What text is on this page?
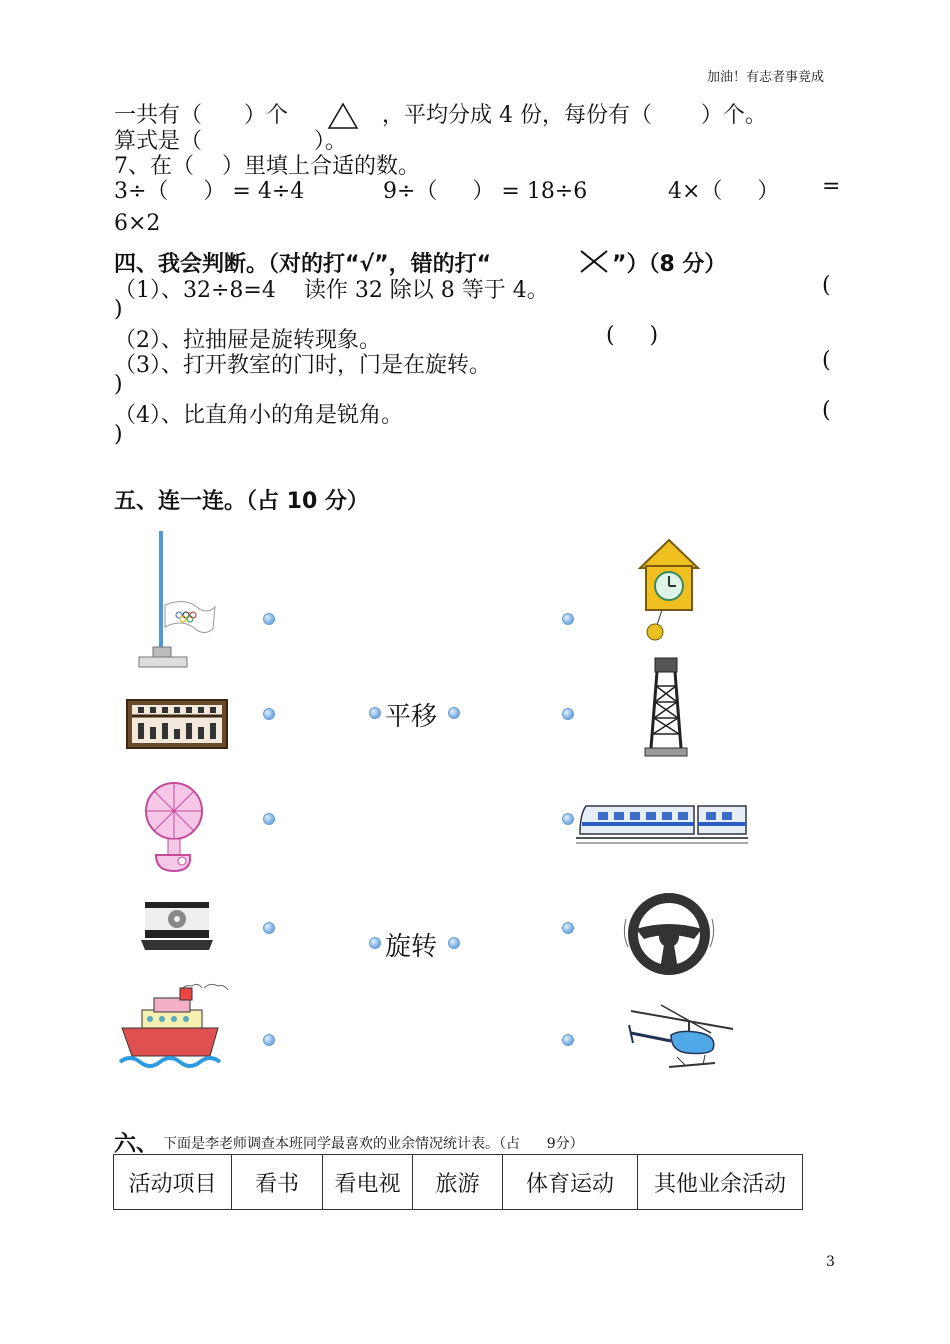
加油！有志者事竟成
一共有（      ）个	，平均分成 4 份，每份有（       ）个。
算式是（                ）。
7、在（    ）里填上合适的数。
3÷（     ） = 4÷4	9÷（     ） = 18÷6	4×（     ） =
6×2
四、我会判断。（对的打“√”，错的打“	”）（8 分）
（1）、32÷8=4    读作 32 除以 8 等于 4。	(
)
（2）、拉抽屉是旋转现象。	(     )
（3）、打开教室的门时，门是在旋转。	(
)
（4）、比直角小的角是锐角。	(
)
五、连一连。（占 10 分）
平移
旋转
六、 下面是李老师调查本班同学最喜欢的业余情况统计表。（占      9分）
活动项目	看书	看电视	旅游	体育运动	其他业余活动
3
